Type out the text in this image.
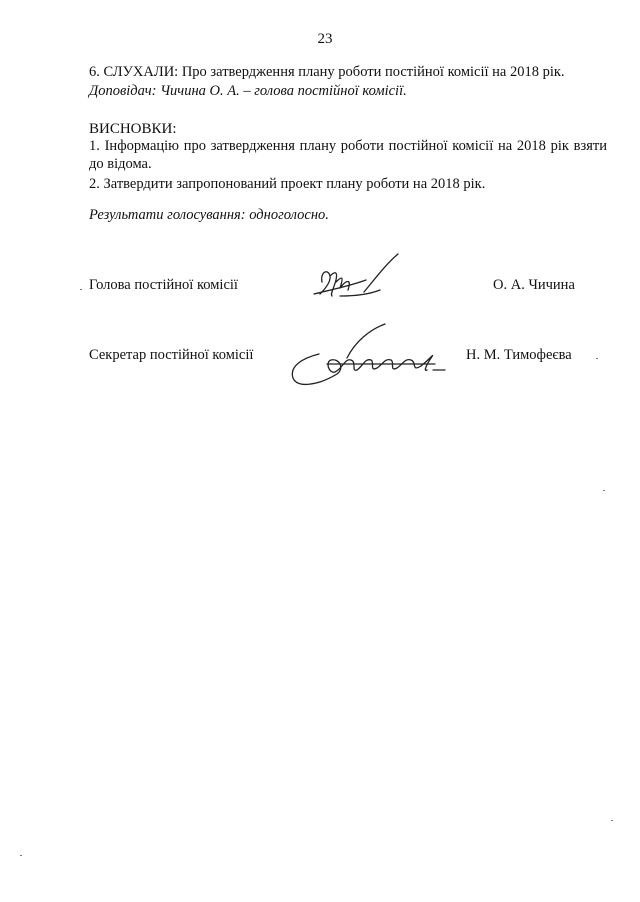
23
6. СЛУХАЛИ: Про затвердження плану роботи постійної комісії на 2018 рік.
Доповідач: Чичина О. А. – голова постійної комісії.
ВИСНОВКИ:
1. Інформацію про затвердження плану роботи постійної комісії на 2018 рік взяти до відома.
2. Затвердити запропонований проект плану роботи на 2018 рік.
Результати голосування: одноголосно.
Голова постійної комісії	О. А. Чичина
Секретар постійної комісії	Н. М. Тимофеєва
